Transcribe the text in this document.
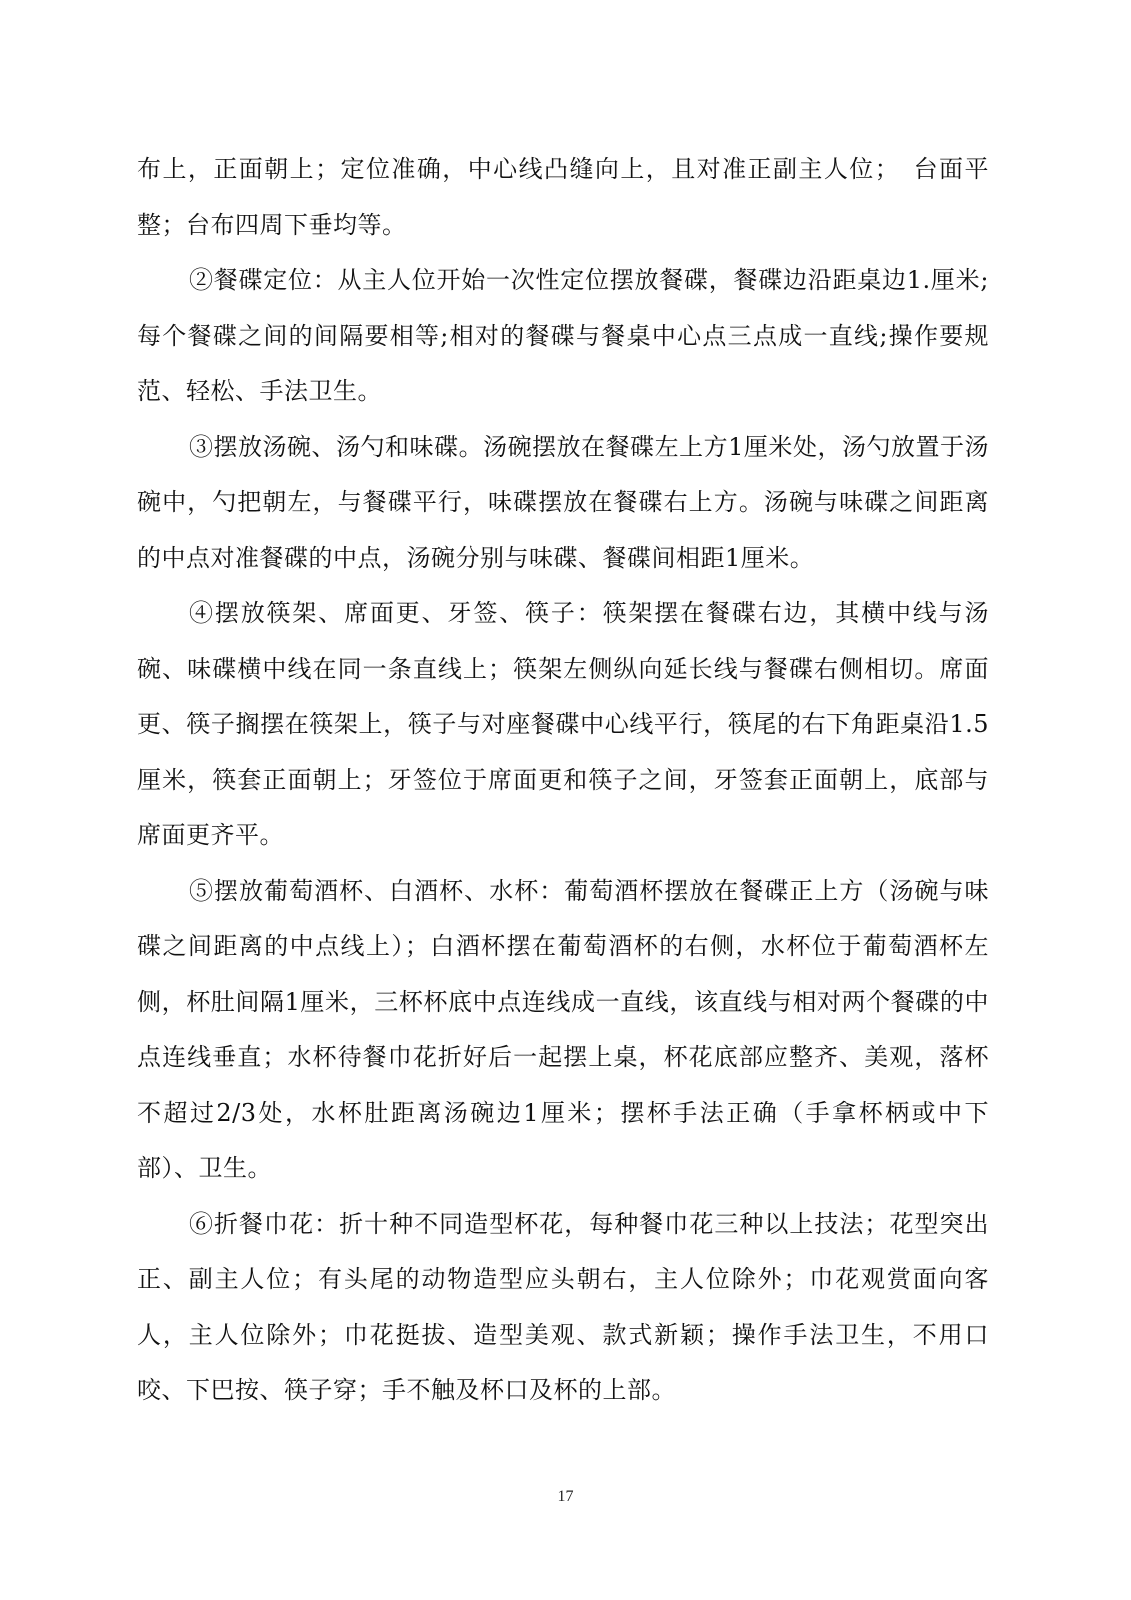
布上，正面朝上；定位准确，中心线凸缝向上，且对准正副主人位；　台面平整；台布四周下垂均等。

②餐碟定位：从主人位开始一次性定位摆放餐碟，餐碟边沿距桌边1.厘米;每个餐碟之间的间隔要相等;相对的餐碟与餐桌中心点三点成一直线;操作要规范、轻松、手法卫生。

③摆放汤碗、汤勺和味碟。汤碗摆放在餐碟左上方1厘米处，汤勺放置于汤碗中，勺把朝左，与餐碟平行，味碟摆放在餐碟右上方。汤碗与味碟之间距离的中点对准餐碟的中点，汤碗分别与味碟、餐碟间相距1厘米。

④摆放筷架、席面更、牙签、筷子：筷架摆在餐碟右边，其横中线与汤碗、味碟横中线在同一条直线上；筷架左侧纵向延长线与餐碟右侧相切。席面更、筷子搁摆在筷架上，筷子与对座餐碟中心线平行，筷尾的右下角距桌沿1.5厘米，筷套正面朝上；牙签位于席面更和筷子之间，牙签套正面朝上，底部与席面更齐平。

⑤摆放葡萄酒杯、白酒杯、水杯：葡萄酒杯摆放在餐碟正上方（汤碗与味碟之间距离的中点线上）；白酒杯摆在葡萄酒杯的右侧，水杯位于葡萄酒杯左侧，杯肚间隔1厘米，三杯杯底中点连线成一直线，该直线与相对两个餐碟的中点连线垂直；水杯待餐巾花折好后一起摆上桌，杯花底部应整齐、美观，落杯不超过2/3处，水杯肚距离汤碗边1厘米；摆杯手法正确（手拿杯柄或中下部）、卫生。

⑥折餐巾花：折十种不同造型杯花，每种餐巾花三种以上技法；花型突出正、副主人位；有头尾的动物造型应头朝右，主人位除外；巾花观赏面向客人，主人位除外；巾花挺拔、造型美观、款式新颖；操作手法卫生，不用口咬、下巴按、筷子穿；手不触及杯口及杯的上部。

17
